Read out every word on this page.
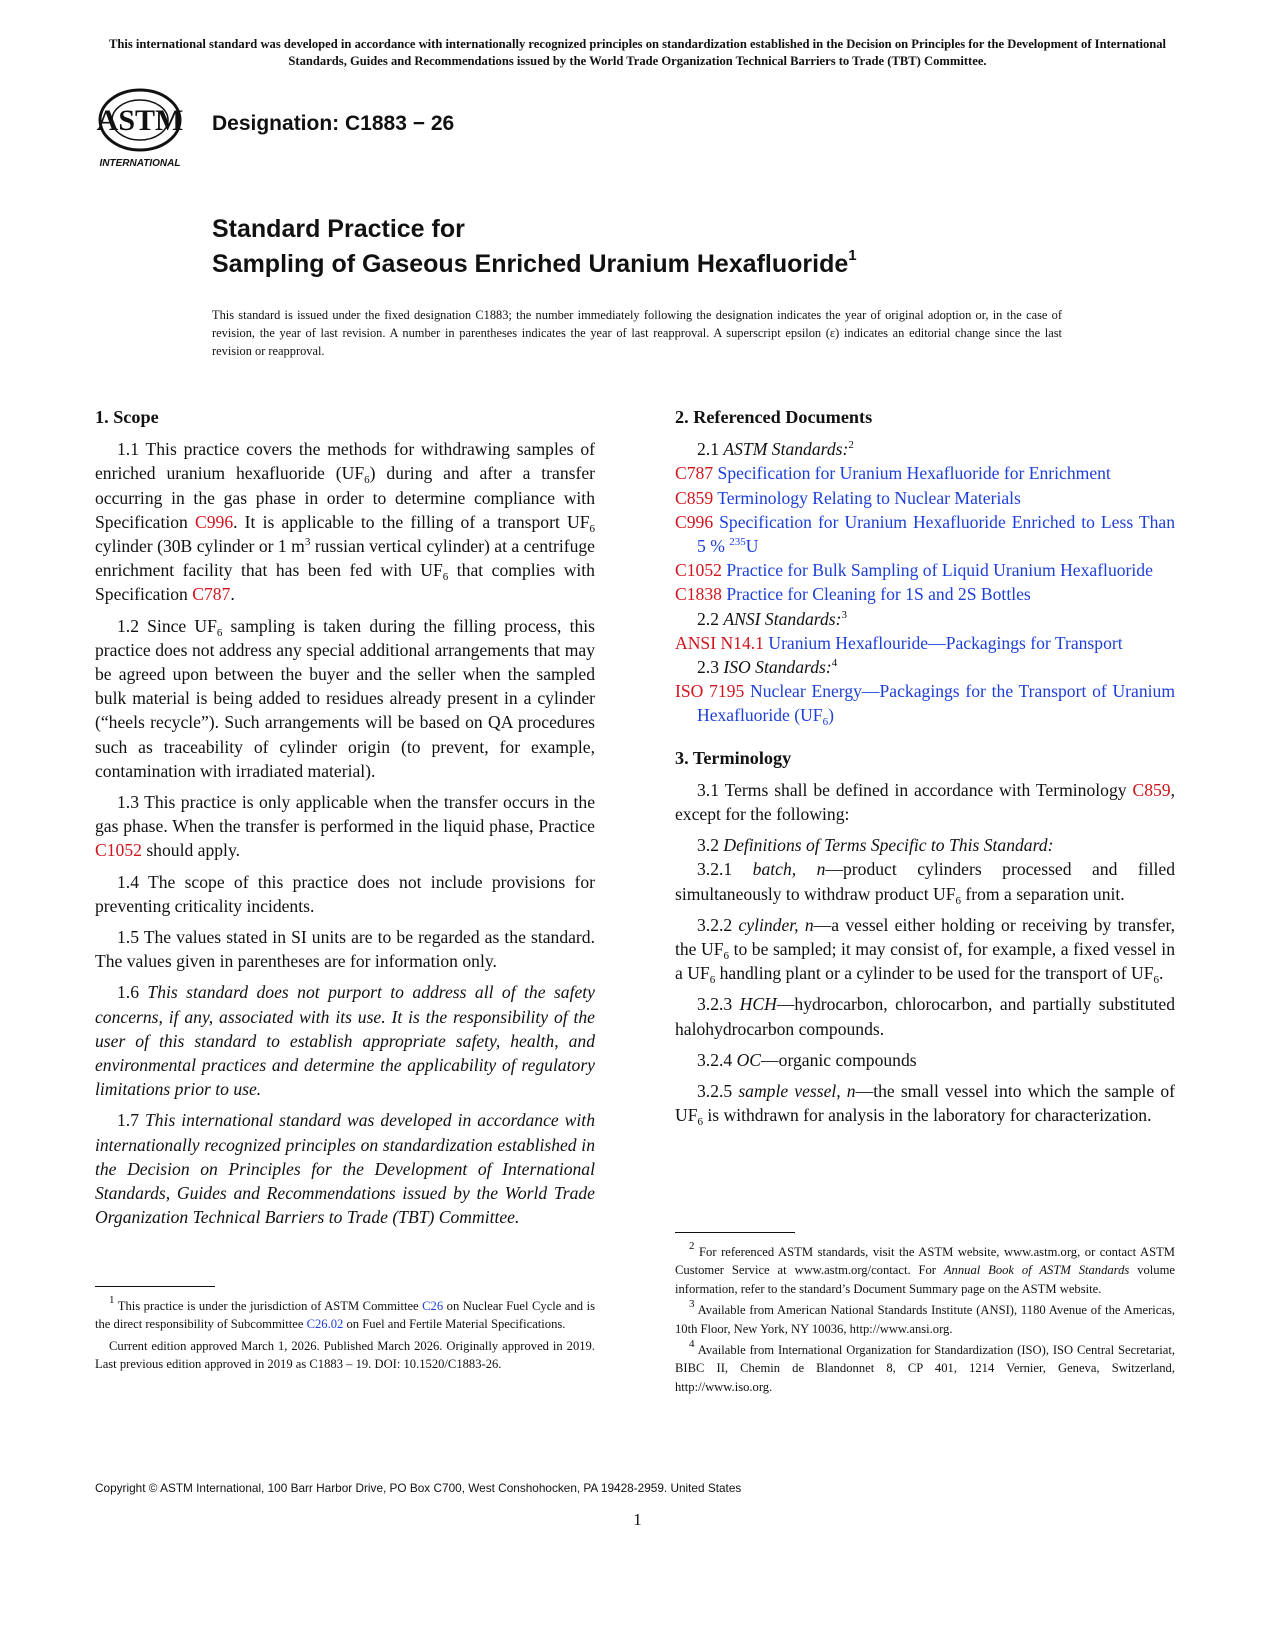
This international standard was developed in accordance with internationally recognized principles on standardization established in the Decision on Principles for the Development of International Standards, Guides and Recommendations issued by the World Trade Organization Technical Barriers to Trade (TBT) Committee.
ASTM
INTERNATIONAL
Designation: C1883 − 26
Standard Practice for
Sampling of Gaseous Enriched Uranium Hexafluoride$^1$
This standard is issued under the fixed designation C1883; the number immediately following the designation indicates the year of original adoption or, in the case of revision, the year of last revision. A number in parentheses indicates the year of last reapproval. A superscript epsilon (ε) indicates an editorial change since the last revision or reapproval.
1. Scope

1.1 This practice covers the methods for withdrawing samples of enriched uranium hexafluoride $(UF_6)$ during and after a transfer occurring in the gas phase in order to determine compliance with Specification C996. It is applicable to the filling of a transport $UF_6$ cylinder (30B cylinder or 1 $m^3$ russian vertical cylinder) at a centrifuge enrichment facility that has been fed with $UF_6$ that complies with Specification C787.

1.2 Since $UF_6$ sampling is taken during the filling process, this practice does not address any special additional arrangements that may be agreed upon between the buyer and the seller when the sampled bulk material is being added to residues already present in a cylinder (“heels recycle”). Such arrangements will be based on QA procedures such as traceability of cylinder origin (to prevent, for example, contamination with irradiated material).

1.3 This practice is only applicable when the transfer occurs in the gas phase. When the transfer is performed in the liquid phase, Practice C1052 should apply.

1.4 The scope of this practice does not include provisions for preventing criticality incidents.

1.5 The values stated in SI units are to be regarded as the standard. The values given in parentheses are for information only.

1.6 This standard does not purport to address all of the safety concerns, if any, associated with its use. It is the responsibility of the user of this standard to establish appropriate safety, health, and environmental practices and determine the applicability of regulatory limitations prior to use.

1.7 This international standard was developed in accordance with internationally recognized principles on standardization established in the Decision on Principles for the Development of International Standards, Guides and Recommendations issued by the World Trade Organization Technical Barriers to Trade (TBT) Committee.

2. Referenced Documents

2.1 ASTM Standards:$^2$

C787 Specification for Uranium Hexafluoride for Enrichment

C859 Terminology Relating to Nuclear Materials

C996 Specification for Uranium Hexafluoride Enriched to Less Than 5 % $^{235}$U

C1052 Practice for Bulk Sampling of Liquid Uranium Hexafluoride

C1838 Practice for Cleaning for 1S and 2S Bottles

2.2 ANSI Standards:$^3$

ANSI N14.1 Uranium Hexaflouride—Packagings for Transport

2.3 ISO Standards:$^4$

ISO 7195 Nuclear Energy—Packagings for the Transport of Uranium Hexafluoride $(UF_6)$

3. Terminology

3.1 Terms shall be defined in accordance with Terminology C859, except for the following:

3.2 Definitions of Terms Specific to This Standard:

3.2.1 batch, n—product cylinders processed and filled simultaneously to withdraw product $UF_6$ from a separation unit.

3.2.2 cylinder, n—a vessel either holding or receiving by transfer, the $UF_6$ to be sampled; it may consist of, for example, a fixed vessel in a $UF_6$ handling plant or a cylinder to be used for the transport of $UF_6$.

3.2.3 HCH—hydrocarbon, chlorocarbon, and partially substituted halohydrocarbon compounds.

3.2.4 OC—organic compounds

3.2.5 sample vessel, n—the small vessel into which the sample of $UF_6$ is withdrawn for analysis in the laboratory for characterization.

$^1$ This practice is under the jurisdiction of ASTM Committee C26 on Nuclear Fuel Cycle and is the direct responsibility of Subcommittee C26.02 on Fuel and Fertile Material Specifications.

Current edition approved March 1, 2026. Published March 2026. Originally approved in 2019. Last previous edition approved in 2019 as C1883 – 19. DOI: 10.1520/C1883-26.

$^2$ For referenced ASTM standards, visit the ASTM website, www.astm.org, or contact ASTM Customer Service at www.astm.org/contact. For Annual Book of ASTM Standards volume information, refer to the standard’s Document Summary page on the ASTM website.

$^3$ Available from American National Standards Institute (ANSI), 1180 Avenue of the Americas, 10th Floor, New York, NY 10036, http://www.ansi.org.

$^4$ Available from International Organization for Standardization (ISO), ISO Central Secretariat, BIBC II, Chemin de Blandonnet 8, CP 401, 1214 Vernier, Geneva, Switzerland, http://www.iso.org.

Copyright © ASTM International, 100 Barr Harbor Drive, PO Box C700, West Conshohocken, PA 19428-2959. United States
1
